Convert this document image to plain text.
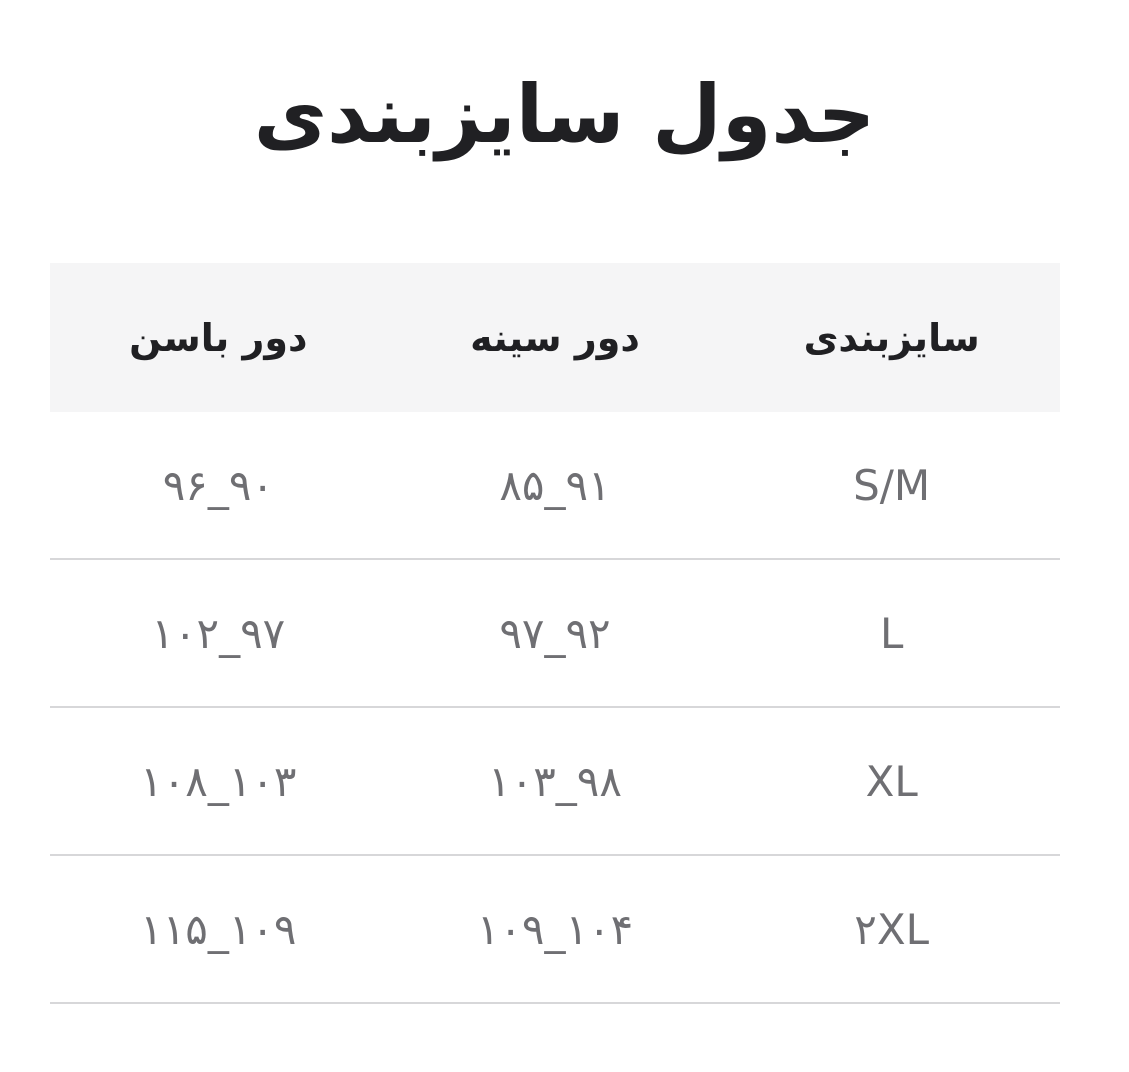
جدول سایزبندی
سایزبندی
دور سینه
دور باسن
S/M
۸۵_۹۱
۹۶_۹۰
L
۹۷_۹۲
۱۰۲_۹۷
XL
۱۰۳_۹۸
۱۰۸_۱۰۳
۲XL
۱۰۹_۱۰۴
۱۱۵_۱۰۹
